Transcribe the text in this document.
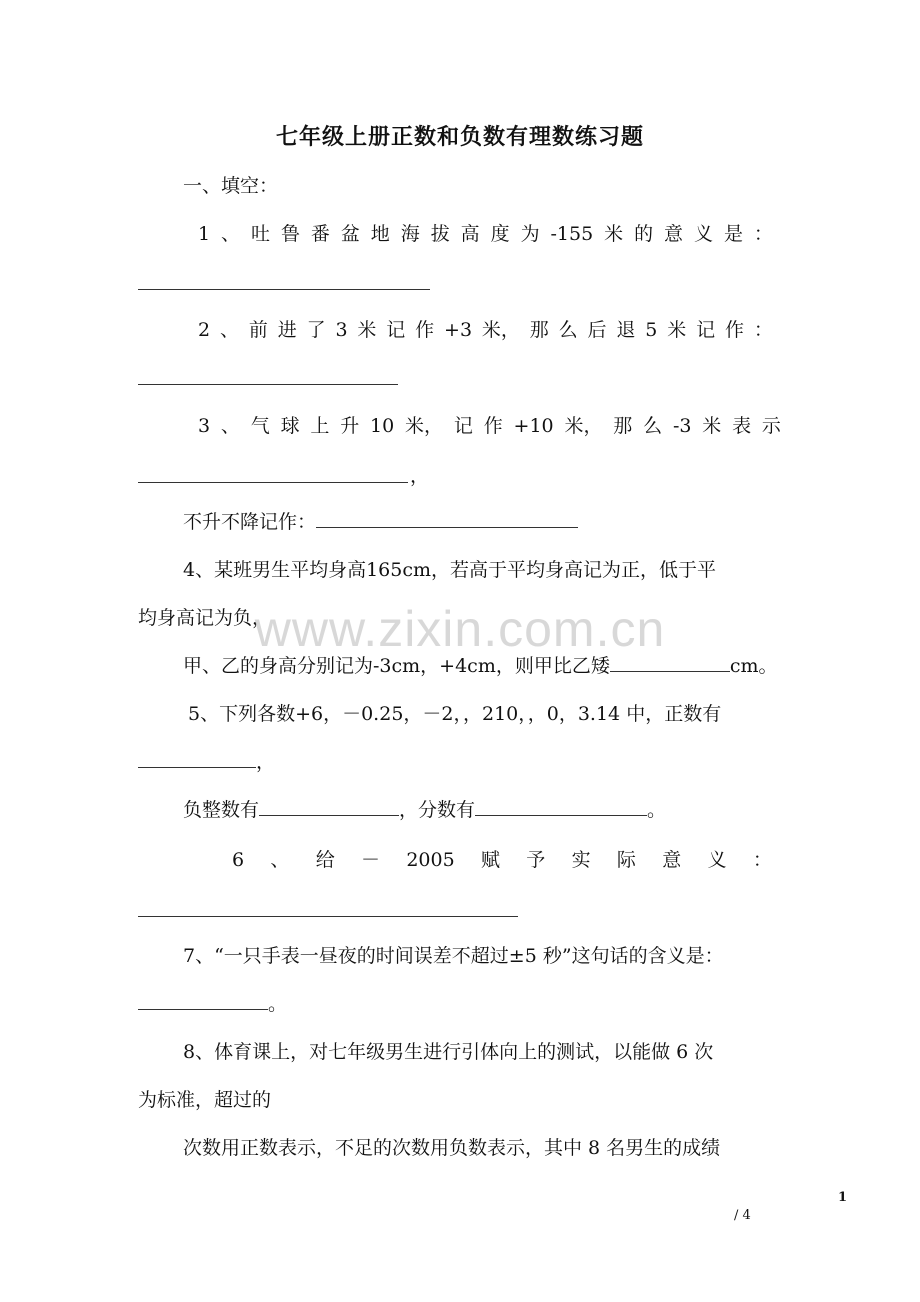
七年级上册正数和负数有理数练习题
一、填空：
1 、 吐 鲁 番 盆 地 海 拔 高 度 为 -155 米 的 意 义 是 ：
2 、 前 进 了 3 米 记 作 +3 米， 那 么 后 退 5 米 记 作 ：
3 、 气 球 上 升 10 米， 记 作 +10 米， 那 么 -3 米 表 示
，
不升不降记作：
4、某班男生平均身高165cm，若高于平均身高记为正，低于平
均身高记为负，
甲、乙的身高分别记为-3cm，+4cm，则甲比乙矮	cm。
5、下列各数+6，－0.25，－2，，210，，0，3.14 中，正数有
，
负整数有	，分数有	。
6 、 给 － 2005 赋 予 实 际 意 义 ：
7、“一只手表一昼夜的时间误差不超过±5 秒”这句话的含义是：
。
8、体育课上，对七年级男生进行引体向上的测试，以能做 6 次
为标准，超过的
次数用正数表示，不足的次数用负数表示，其中 8 名男生的成绩
www.zixin.com.cn
1
/ 4
